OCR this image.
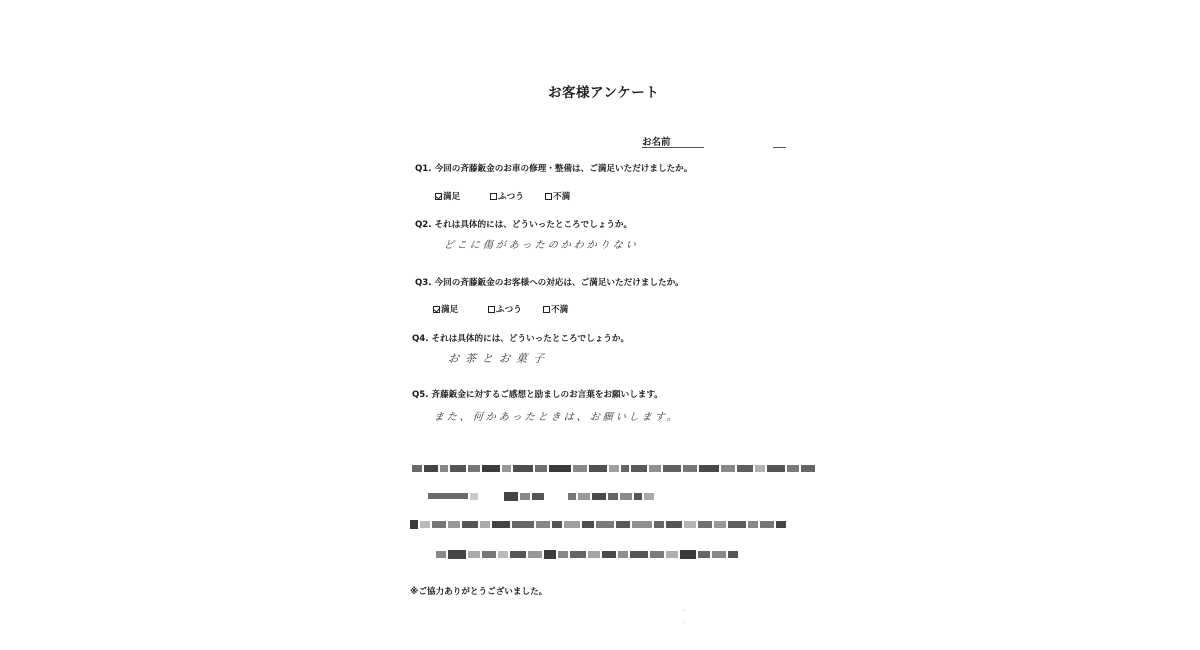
お客様アンケート
お名前
Q1. 今回の斉藤鈑金のお車の修理・整備は、ご満足いただけましたか。
満足	ふつう	不満
Q2. それは具体的には、どういったところでしょうか。
どこに傷があったのかわかりない
Q3. 今回の斉藤鈑金のお客様への対応は、ご満足いただけましたか。
満足	ふつう	不満
Q4. それは具体的には、どういったところでしょうか。
お茶とお菓子
Q5. 斉藤鈑金に対するご感想と励ましのお言葉をお願いします。
また、何かあったときは、お願いします。
※ご協力ありがとうございました。
